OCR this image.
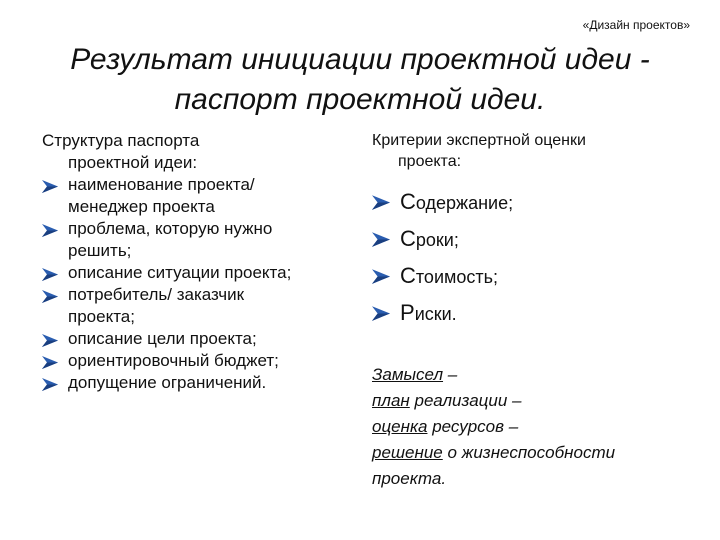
«Дизайн проектов»
Результат инициации проектной идеи -
паспорт проектной идеи.
Структура паспорта
проектной идеи:
наименование проекта/
менеджер проекта
проблема, которую нужно
решить;
описание ситуации проекта;
потребитель/ заказчик
проекта;
описание цели проекта;
ориентировочный бюджет;
допущение ограничений.
Критерии экспертной оценки
проекта:
Содержание;
Сроки;
Стоимость;
Риски.
Замысел –
план реализации –
оценка ресурсов –
решение о жизнеспособности
проекта.
